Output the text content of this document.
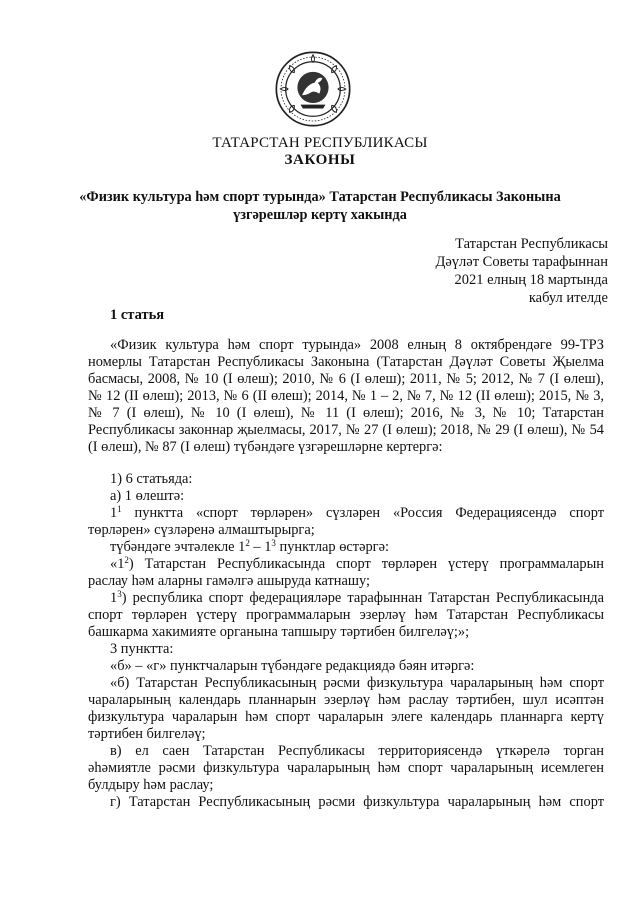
ТАТАРСТАН РЕСПУБЛИКАСЫ
ЗАКОНЫ
«Физик культура һәм спорт турында» Татарстан Республикасы Законына
үзгәрешләр кертү хакында
Татарстан Республикасы
Дәүләт Советы тарафыннан
2021 елның 18 мартында
кабул ителде
1 статья
«Физик культура һәм спорт турында» 2008 елның 8 октябрендәге 99-ТРЗ
номерлы Татарстан Республикасы Законына (Татарстан Дәүләт Советы Җыелма
басмасы, 2008, № 10 (I өлеш); 2010, № 6 (I өлеш); 2011, № 5; 2012, № 7 (I өлеш),
№ 12 (II өлеш); 2013, № 6 (II өлеш); 2014, № 1 – 2, № 7, № 12 (II өлеш); 2015, № 3,
№ 7 (I өлеш), № 10 (I өлеш), № 11 (I өлеш); 2016, № 3, № 10; Татарстан
Республикасы законнар җыелмасы, 2017, № 27 (I өлеш); 2018, № 29 (I өлеш), № 54
(I өлеш), № 87 (I өлеш) түбәндәге үзгәрешләрне кертергә:
1) 6 статьяда:
а) 1 өлештә:
$1^1$ пунктта «спорт төрләрен» сүзләрен «Россия Федерациясендә спорт
төрләрен» сүзләренә алмаштырырга;
түбәндәге эчтәлекле $1^2 - 1^3$ пунктлар өстәргә:
«$1^2$) Татарстан Республикасында спорт төрләрен үстерү программаларын
раслау һәм аларны гамәлгә ашыруда катнашу;
$1^3$) республика спорт федерацияләре тарафыннан Татарстан Республикасында
спорт төрләрен үстерү программаларын эзерләү һәм Татарстан Республикасы
башкарма хакимияте органына тапшыру тәртибен билгеләү;»;
3 пунктта:
«б» – «г» пунктчаларын түбәндәге редакциядә бәян итәргә:
«б) Татарстан Республикасының рәсми физкультура чараларының һәм спорт
чараларының календарь планнарын эзерләү һәм раслау тәртибен, шул исәптән
физкультура чараларын һәм спорт чараларын элеге календарь планнарга кертү
тәртибен билгеләү;
в) ел саен Татарстан Республикасы территориясендә үткәрелә торган
әһәмиятле рәсми физкультура чараларының һәм спорт чараларының исемлеген
булдыру һәм раслау;
г) Татарстан Республикасының рәсми физкультура чараларының һәм спорт
